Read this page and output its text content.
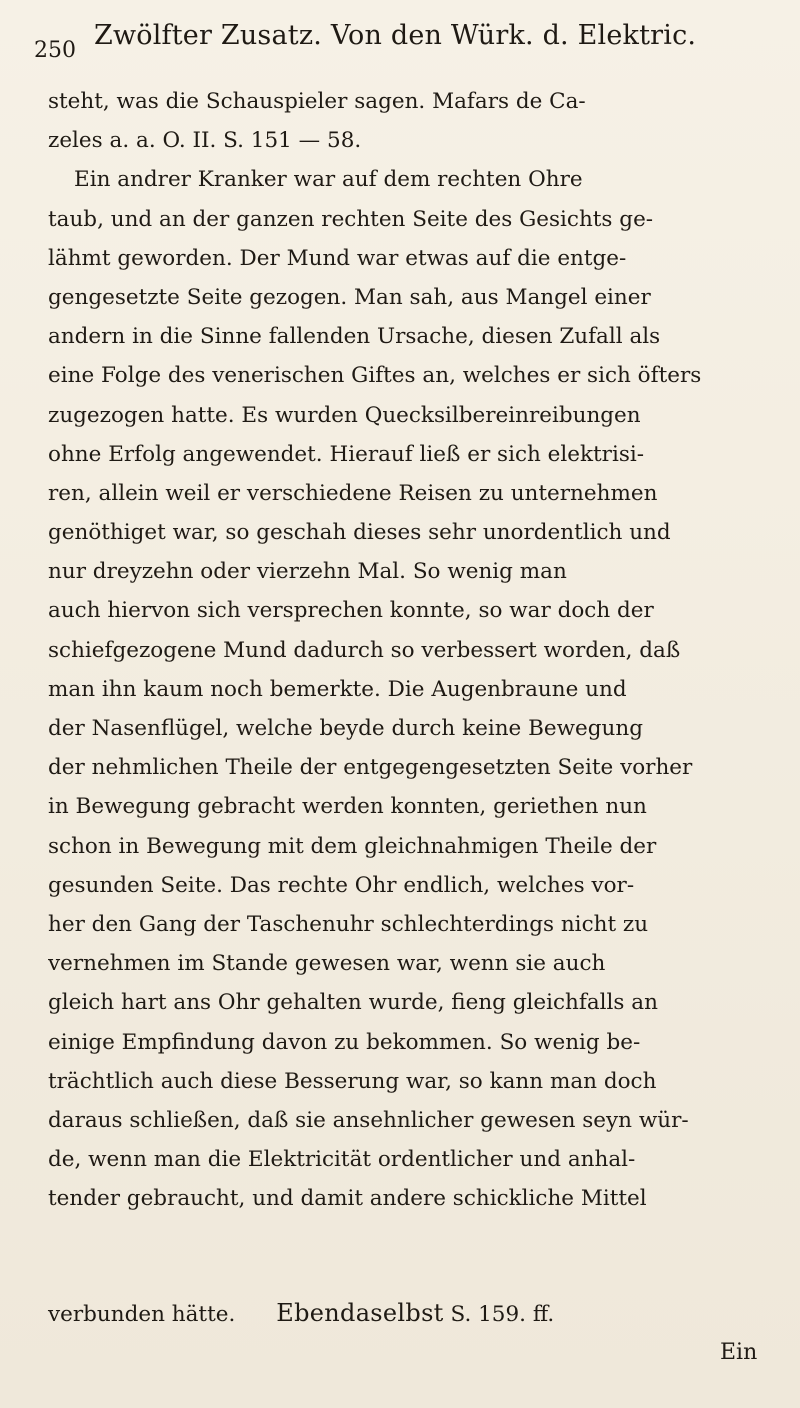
250 Zwölfter Zusatz. Von den Würk. d. Elektric.
steht, was die Schauspieler sagen. Mafars de Ca-
zeles a. a. O. II. S. 151 — 58.
Ein andrer Kranker war auf dem rechten Ohre
taub, und an der ganzen rechten Seite des Gesichts ge-
lähmt geworden. Der Mund war etwas auf die entge-
gengesetzte Seite gezogen. Man sah, aus Mangel einer
andern in die Sinne fallenden Ursache, diesen Zufall als
eine Folge des venerischen Giftes an, welches er sich öfters
zugezogen hatte. Es wurden Quecksilbereinreibungen
ohne Erfolg angewendet. Hierauf ließ er sich elektrisi-
ren, allein weil er verschiedene Reisen zu unternehmen
genöthiget war, so geschah dieses sehr unordentlich und
nur dreyzehn oder vierzehn Mal. So wenig man
auch hiervon sich versprechen konnte, so war doch der
schiefgezogene Mund dadurch so verbessert worden, daß
man ihn kaum noch bemerkte. Die Augenbraune und
der Nasenflügel, welche beyde durch keine Bewegung
der nehmlichen Theile der entgegengesetzten Seite vorher
in Bewegung gebracht werden konnten, geriethen nun
schon in Bewegung mit dem gleichnahmigen Theile der
gesunden Seite. Das rechte Ohr endlich, welches vor-
her den Gang der Taschenuhr schlechterdings nicht zu
vernehmen im Stande gewesen war, wenn sie auch
gleich hart ans Ohr gehalten wurde, fieng gleichfalls an
einige Empfindung davon zu bekommen. So wenig be-
trächtlich auch diese Besserung war, so kann man doch
daraus schließen, daß sie ansehnlicher gewesen seyn wür-
de, wenn man die Elektricität ordentlicher und anhal-
tender gebraucht, und damit andere schickliche Mittel
verbunden hätte. Ebendaselbst S. 159. ff.
Ein
